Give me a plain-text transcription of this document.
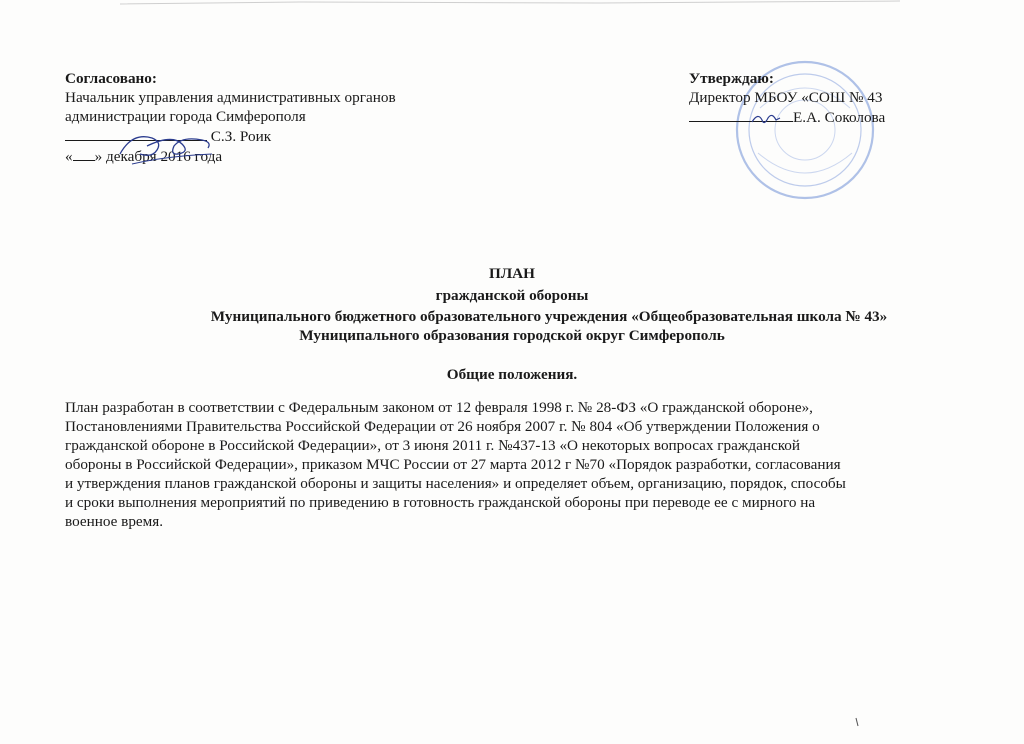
Согласовано:
Начальник управления административных органов
администрации города Симферополя
С.З. Роик
« » декабря 2016 года
Утверждаю:
Директор МБОУ «СОШ № 43
Е.А. Соколова
ПЛАН
гражданской обороны
Муниципального бюджетного образовательного учреждения «Общеобразовательная школа № 43»
Муниципального образования городской округ Симферополь
Общие положения.
План разработан в соответствии с Федеральным законом от 12 февраля 1998 г. № 28-ФЗ «О гражданской обороне»,
Постановлениями Правительства Российской Федерации от 26 ноября 2007 г. № 804 «Об утверждении Положения о
гражданской обороне в Российской Федерации», от 3 июня 2011 г. №437-13 «О некоторых вопросах гражданской
обороны в Российской Федерации», приказом МЧС России от 27 марта 2012 г №70 «Порядок разработки, согласования
и утверждения планов гражданской обороны и защиты населения» и определяет объем, организацию, порядок, способы
и сроки выполнения мероприятий по приведению в готовность гражданской обороны при переводе ее с мирного на
военное время.
